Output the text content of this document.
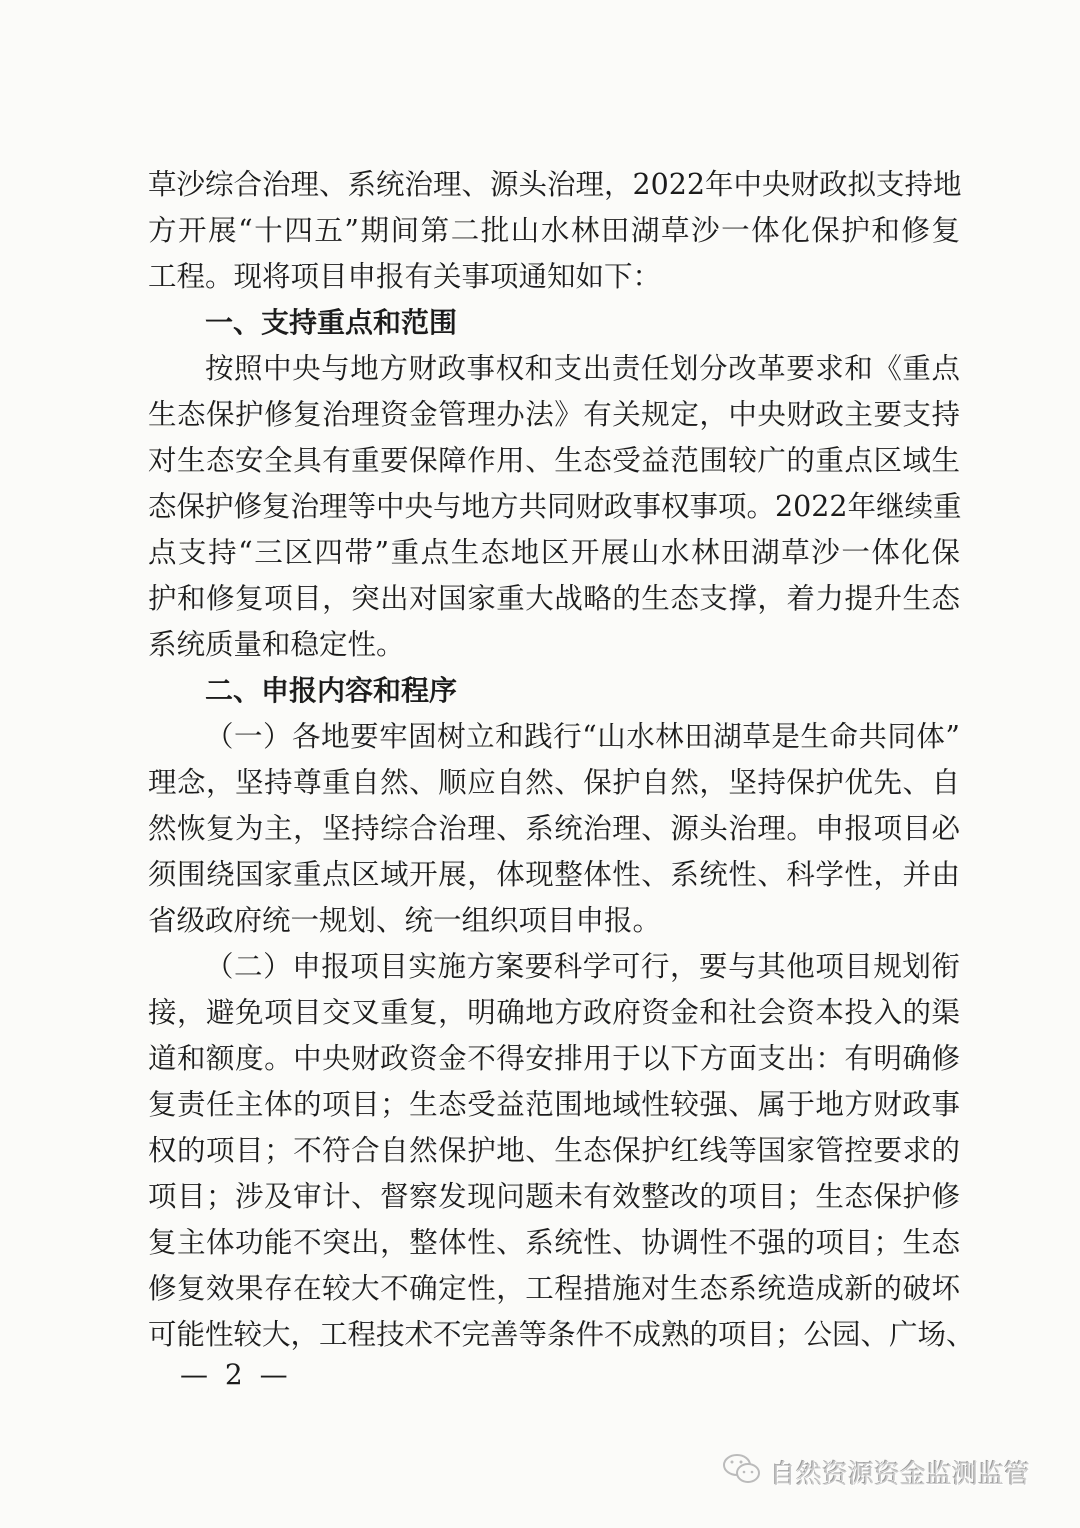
草沙综合治理、系统治理、源头治理，2022年中央财政拟支持地
方开展“十四五”期间第二批山水林田湖草沙一体化保护和修复
工程。现将项目申报有关事项通知如下：
一、支持重点和范围
按照中央与地方财政事权和支出责任划分改革要求和《重点
生态保护修复治理资金管理办法》有关规定，中央财政主要支持
对生态安全具有重要保障作用、生态受益范围较广的重点区域生
态保护修复治理等中央与地方共同财政事权事项。2022年继续重
点支持“三区四带”重点生态地区开展山水林田湖草沙一体化保
护和修复项目，突出对国家重大战略的生态支撑，着力提升生态
系统质量和稳定性。
二、申报内容和程序
（一）各地要牢固树立和践行“山水林田湖草是生命共同体”
理念，坚持尊重自然、顺应自然、保护自然，坚持保护优先、自
然恢复为主，坚持综合治理、系统治理、源头治理。申报项目必
须围绕国家重点区域开展，体现整体性、系统性、科学性，并由
省级政府统一规划、统一组织项目申报。
（二）申报项目实施方案要科学可行，要与其他项目规划衔
接，避免项目交叉重复，明确地方政府资金和社会资本投入的渠
道和额度。中央财政资金不得安排用于以下方面支出：有明确修
复责任主体的项目；生态受益范围地域性较强、属于地方财政事
权的项目；不符合自然保护地、生态保护红线等国家管控要求的
项目；涉及审计、督察发现问题未有效整改的项目；生态保护修
复主体功能不突出，整体性、系统性、协调性不强的项目；生态
修复效果存在较大不确定性，工程措施对生态系统造成新的破坏
可能性较大，工程技术不完善等条件不成熟的项目；公园、广场、
— 2 —
自然资源资金监测监管
